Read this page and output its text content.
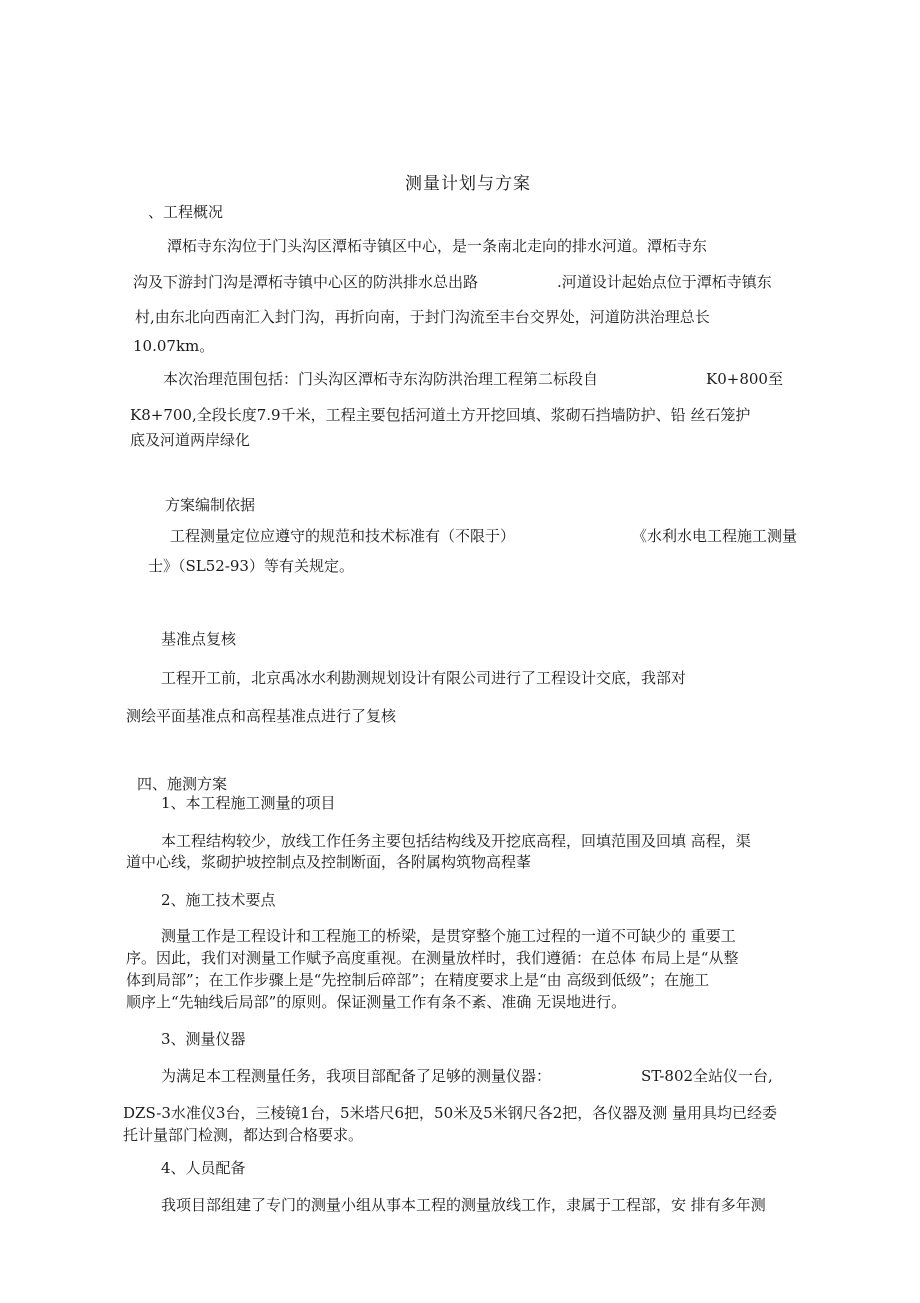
测量计划与方案
、工程概况
潭柘寺东沟位于门头沟区潭柘寺镇区中心，是一条南北走向的排水河道。潭柘寺东
沟及下游封门沟是潭柘寺镇中心区的防洪排水总出路	.河道设计起始点位于潭柘寺镇东
村,由东北向西南汇入封门沟，再折向南，于封门沟流至丰台交界处，河道防洪治理总长
10.07km。
本次治理范围包括：门头沟区潭柘寺东沟防洪治理工程第二标段自	K0+800至
K8+700,全段长度7.9千米，工程主要包括河道土方开挖回填、浆砌石挡墙防护、铅 丝石笼护
底及河道两岸绿化
方案编制依据
工程测量定位应遵守的规范和技术标准有（不限于）	《水利水电工程施工测量
士》（SL52-93）等有关规定。
基准点复核
工程开工前，北京禹冰水利勘测规划设计有限公司进行了工程设计交底，我部对
测绘平面基准点和高程基准点进行了复核
四、施测方案
1、本工程施工测量的项目
本工程结构较少，放线工作任务主要包括结构线及开挖底高程，回填范围及回填 高程，渠
道中心线，浆砌护坡控制点及控制断面，各附属构筑物高程莑
2、施工技术要点
测量工作是工程设计和工程施工的桥梁，是贯穿整个施工过程的一道不可缺少的 重要工
序。因此，我们对测量工作赋予高度重视。在测量放样时，我们遵循：在总体 布局上是“从整
体到局部”；在工作步骤上是“先控制后碎部”；在精度要求上是“由 高级到低级”；在施工
顺序上“先轴线后局部”的原则。保证测量工作有条不紊、准确 无误地进行。
3、测量仪器
为满足本工程测量任务，我项目部配备了足够的测量仪器：	ST-802全站仪一台,
DZS-3水准仪3台，三棱镜1台，5米塔尺6把，50米及5米钢尺各2把，各仪器及测 量用具均已经委
托计量部门检测，都达到合格要求。
4、人员配备
我项目部组建了专门的测量小组从事本工程的测量放线工作，隶属于工程部，安 排有多年测
